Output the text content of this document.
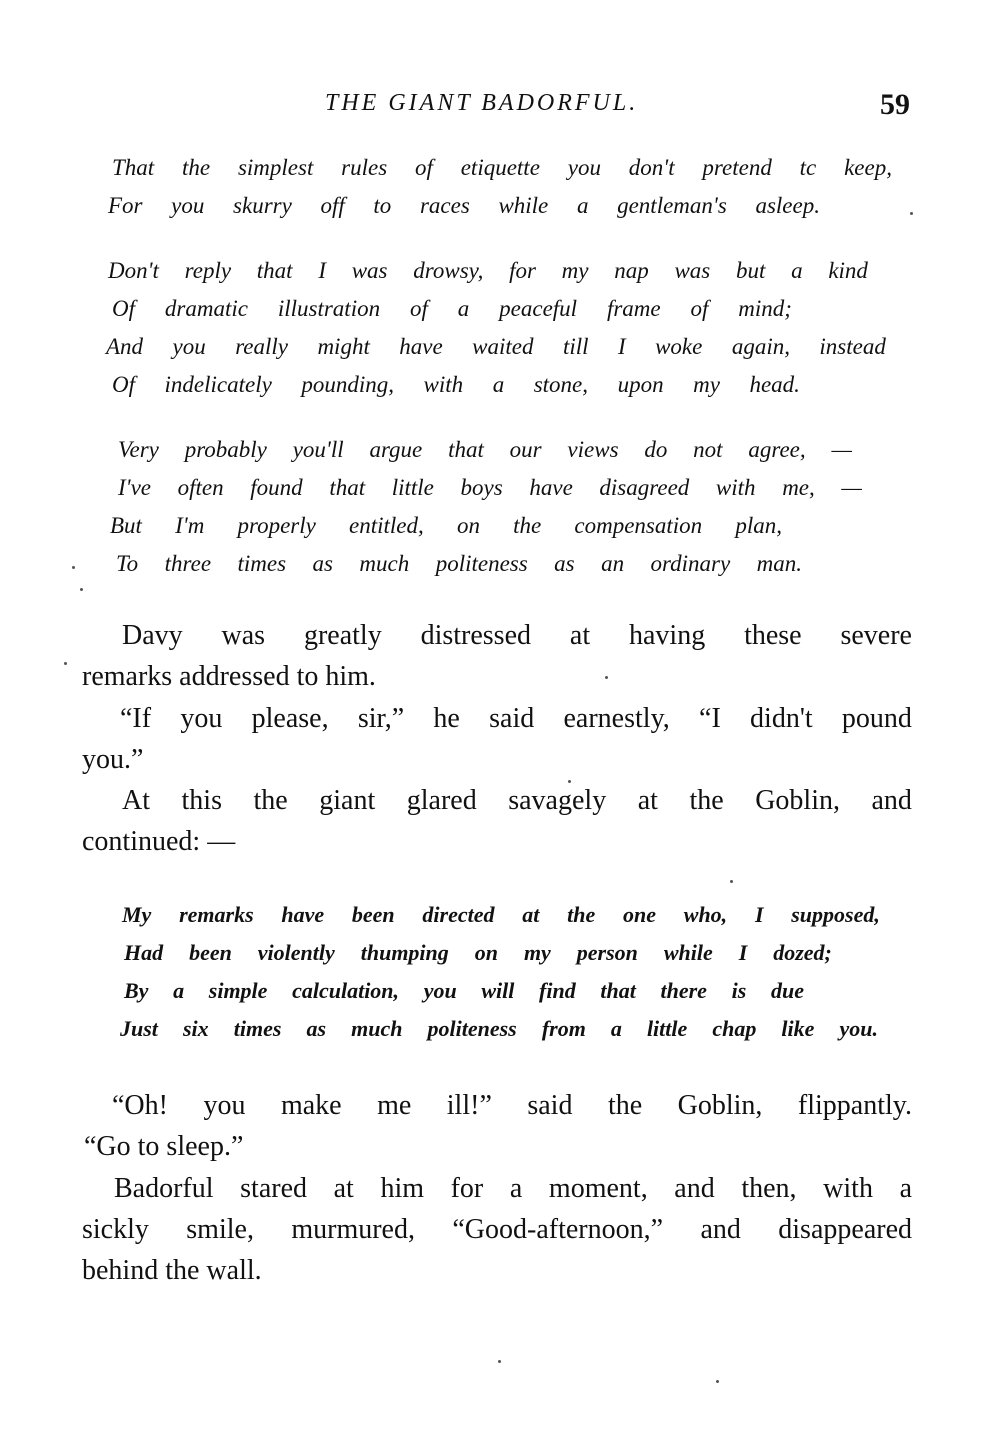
THE GIANT BADORFUL.	59
That the simplest rules of etiquette you don't pretend tc keep,
For you skurry off to races while a gentleman's asleep.
Don't reply that I was drowsy, for my nap was but a kind
Of dramatic illustration of a peaceful frame of mind;
And you really might have waited till I woke again, instead
Of indelicately pounding, with a stone, upon my head.
Very probably you'll argue that our views do not agree, —
I've often found that little boys have disagreed with me, —
But I'm properly entitled, on the compensation plan,
To three times as much politeness as an ordinary man.
Davy was greatly distressed at having these severe
remarks addressed to him.
“If you please, sir,” he said earnestly, “I didn't pound
you.”
At this the giant glared savagely at the Goblin, and
continued: —
My remarks have been directed at the one who, I supposed,
Had been violently thumping on my person while I dozed;
By a simple calculation, you will find that there is due
Just six times as much politeness from a little chap like you.
“Oh! you make me ill!” said the Goblin, flippantly.
“Go to sleep.”
Badorful stared at him for a moment, and then, with a
sickly smile, murmured, “Good-afternoon,” and disappeared
behind the wall.
